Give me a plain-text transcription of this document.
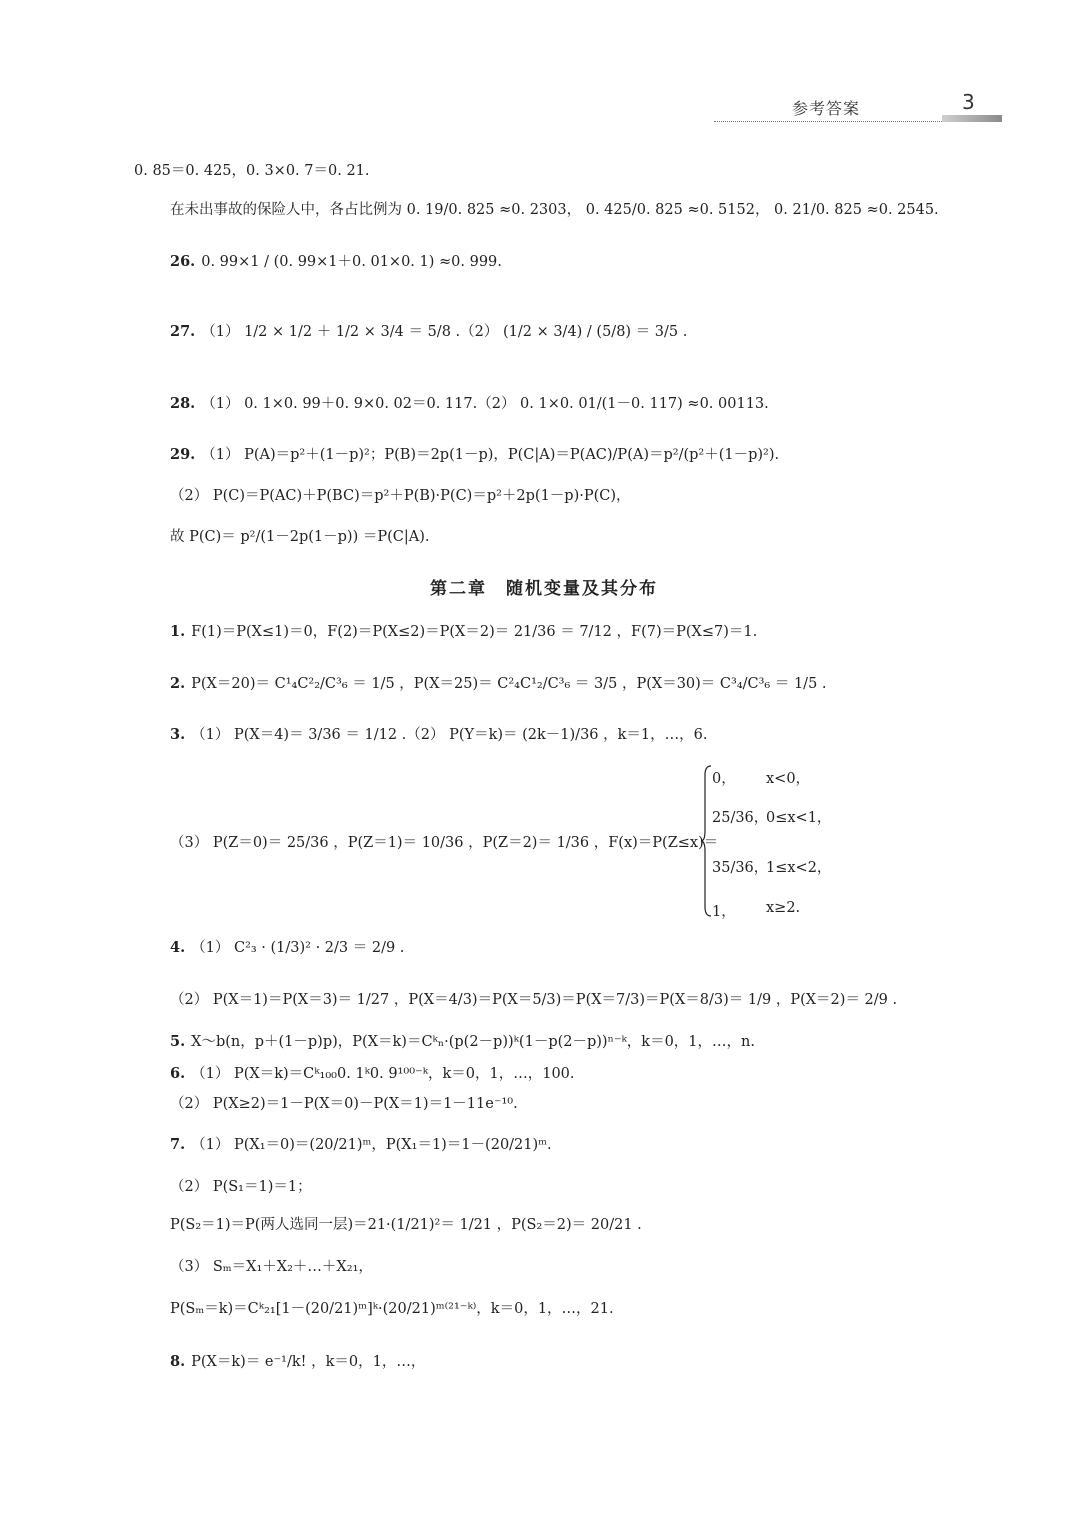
参考答案	3
0. 85＝0. 425，0. 3×0. 7＝0. 21.
在未出事故的保险人中，各占比例为 0. 19/0. 825 ≈0. 2303， 0. 425/0. 825 ≈0. 5152， 0. 21/0. 825 ≈0. 2545.
26. 0. 99×1 / (0. 99×1＋0. 01×0. 1) ≈0. 999.
27. （1） 1/2 × 1/2 ＋ 1/2 × 3/4 ＝ 5/8 .（2） (1/2 × 3/4) / (5/8) ＝ 3/5 .
28. （1） 0. 1×0. 99＋0. 9×0. 02＝0. 117.（2） 0. 1×0. 01/(1－0. 117) ≈0. 00113.
29. （1） P(A)＝p²＋(1－p)²；P(B)＝2p(1－p)，P(C|A)＝P(AC)/P(A)＝p²/(p²＋(1－p)²).
（2） P(C)＝P(AC)＋P(BC)＝p²＋P(B)·P(C)＝p²＋2p(1－p)·P(C)，
故 P(C)＝ p²/(1－2p(1－p)) ＝P(C|A).
第二章　随机变量及其分布
1. F(1)＝P(X≤1)＝0，F(2)＝P(X≤2)＝P(X＝2)＝ 21/36 ＝ 7/12 ，F(7)＝P(X≤7)＝1.
2. P(X＝20)＝ C¹₄C²₂/C³₆ ＝ 1/5 ，P(X＝25)＝ C²₄C¹₂/C³₆ ＝ 3/5 ，P(X＝30)＝ C³₄/C³₆ ＝ 1/5 .
3. （1） P(X＝4)＝ 3/36 ＝ 1/12 .（2） P(Y＝k)＝ (2k－1)/36 ，k＝1，…，6.
（3） P(Z＝0)＝ 25/36 ，P(Z＝1)＝ 10/36 ，P(Z＝2)＝ 1/36 ，F(x)＝P(Z≤x)＝
0， x<0，
25/36，
0≤x<1，
35/36，
1≤x<2，
1， x≥2.
4. （1） C²₃ · (1/3)² · 2/3 ＝ 2/9 .
（2） P(X＝1)＝P(X＝3)＝ 1/27 ，P(X＝4/3)＝P(X＝5/3)＝P(X＝7/3)＝P(X＝8/3)＝ 1/9 ，P(X＝2)＝ 2/9 .
5. X～b(n，p＋(1－p)p)，P(X＝k)＝Cᵏₙ·(p(2－p))ᵏ(1－p(2－p))ⁿ⁻ᵏ，k＝0，1，…，n.
6. （1） P(X＝k)＝Cᵏ₁₀₀0. 1ᵏ0. 9¹⁰⁰⁻ᵏ，k＝0，1，…，100.
（2） P(X≥2)＝1－P(X＝0)－P(X＝1)＝1－11e⁻¹⁰.
7. （1） P(X₁＝0)＝(20/21)ᵐ，P(X₁＝1)＝1－(20/21)ᵐ.
（2） P(S₁＝1)＝1；
P(S₂＝1)＝P(两人选同一层)＝21·(1/21)²＝ 1/21 ，P(S₂＝2)＝ 20/21 .
（3） Sₘ＝X₁＋X₂＋…＋X₂₁，
P(Sₘ＝k)＝Cᵏ₂₁[1－(20/21)ᵐ]ᵏ·(20/21)ᵐ⁽²¹⁻ᵏ⁾，k＝0，1，…，21.
8. P(X＝k)＝ e⁻¹/k! ，k＝0，1，…，
